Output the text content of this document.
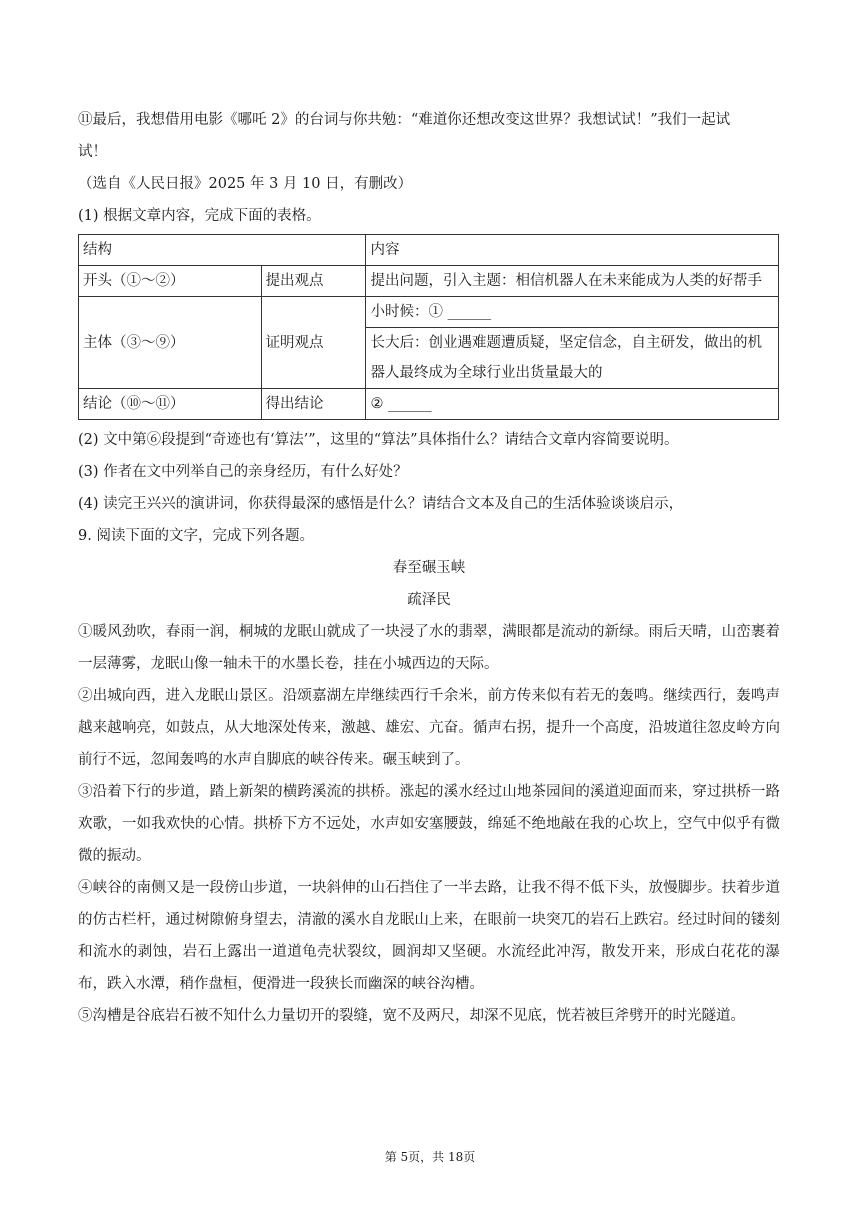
⑪最后，我想借用电影《哪吒 2》的台词与你共勉：“难道你还想改变这世界？我想试试！”我们一起试
试！
（选自《人民日报》2025 年 3 月 10 日，有删改）
(1) 根据文章内容，完成下面的表格。
结构		内容
开头（①～②）	提出观点	提出问题，引入主题：相信机器人在未来能成为人类的好帮手
主体（③～⑨）	证明观点	小时候：① ______
		长大后：创业遇难题遭质疑，坚定信念，自主研发，做出的机器人最终成为全球行业出货量最大的
结论（⑩～⑪）	得出结论	② ______
(2) 文中第⑥段提到“奇迹也有‘算法’”，这里的“算法”具体指什么？请结合文章内容简要说明。
(3) 作者在文中列举自己的亲身经历，有什么好处？
(4) 读完王兴兴的演讲词，你获得最深的感悟是什么？请结合文本及自己的生活体验谈谈启示，
9. 阅读下面的文字，完成下列各题。
春至碾玉峡
疏泽民
①暖风劲吹，春雨一润，桐城的龙眠山就成了一块浸了水的翡翠，满眼都是流动的新绿。雨后天晴，山峦裹着一层薄雾，龙眠山像一轴未干的水墨长卷，挂在小城西边的天际。
②出城向西，进入龙眠山景区。沿颂嘉湖左岸继续西行千余米，前方传来似有若无的轰鸣。继续西行，轰鸣声越来越响亮，如鼓点，从大地深处传来，激越、雄宏、亢奋。循声右拐，提升一个高度，沿坡道往忽皮岭方向前行不远，忽闻轰鸣的水声自脚底的峡谷传来。碾玉峡到了。
③沿着下行的步道，踏上新架的横跨溪流的拱桥。涨起的溪水经过山地茶园间的溪道迎面而来，穿过拱桥一路欢歌，一如我欢快的心情。拱桥下方不远处，水声如安塞腰鼓，绵延不绝地敲在我的心坎上，空气中似乎有微微的振动。
④峡谷的南侧又是一段傍山步道，一块斜伸的山石挡住了一半去路，让我不得不低下头，放慢脚步。扶着步道的仿古栏杆，通过树隙俯身望去，清澈的溪水自龙眠山上来，在眼前一块突兀的岩石上跌宕。经过时间的镂刻和流水的剥蚀，岩石上露出一道道龟壳状裂纹，圆润却又坚硬。水流经此冲泻，散发开来，形成白花花的瀑布，跌入水潭，稍作盘桓，便滑进一段狭长而幽深的峡谷沟槽。
⑤沟槽是谷底岩石被不知什么力量切开的裂缝，宽不及两尺，却深不见底，恍若被巨斧劈开的时光隧道。
第 5页，共 18页
